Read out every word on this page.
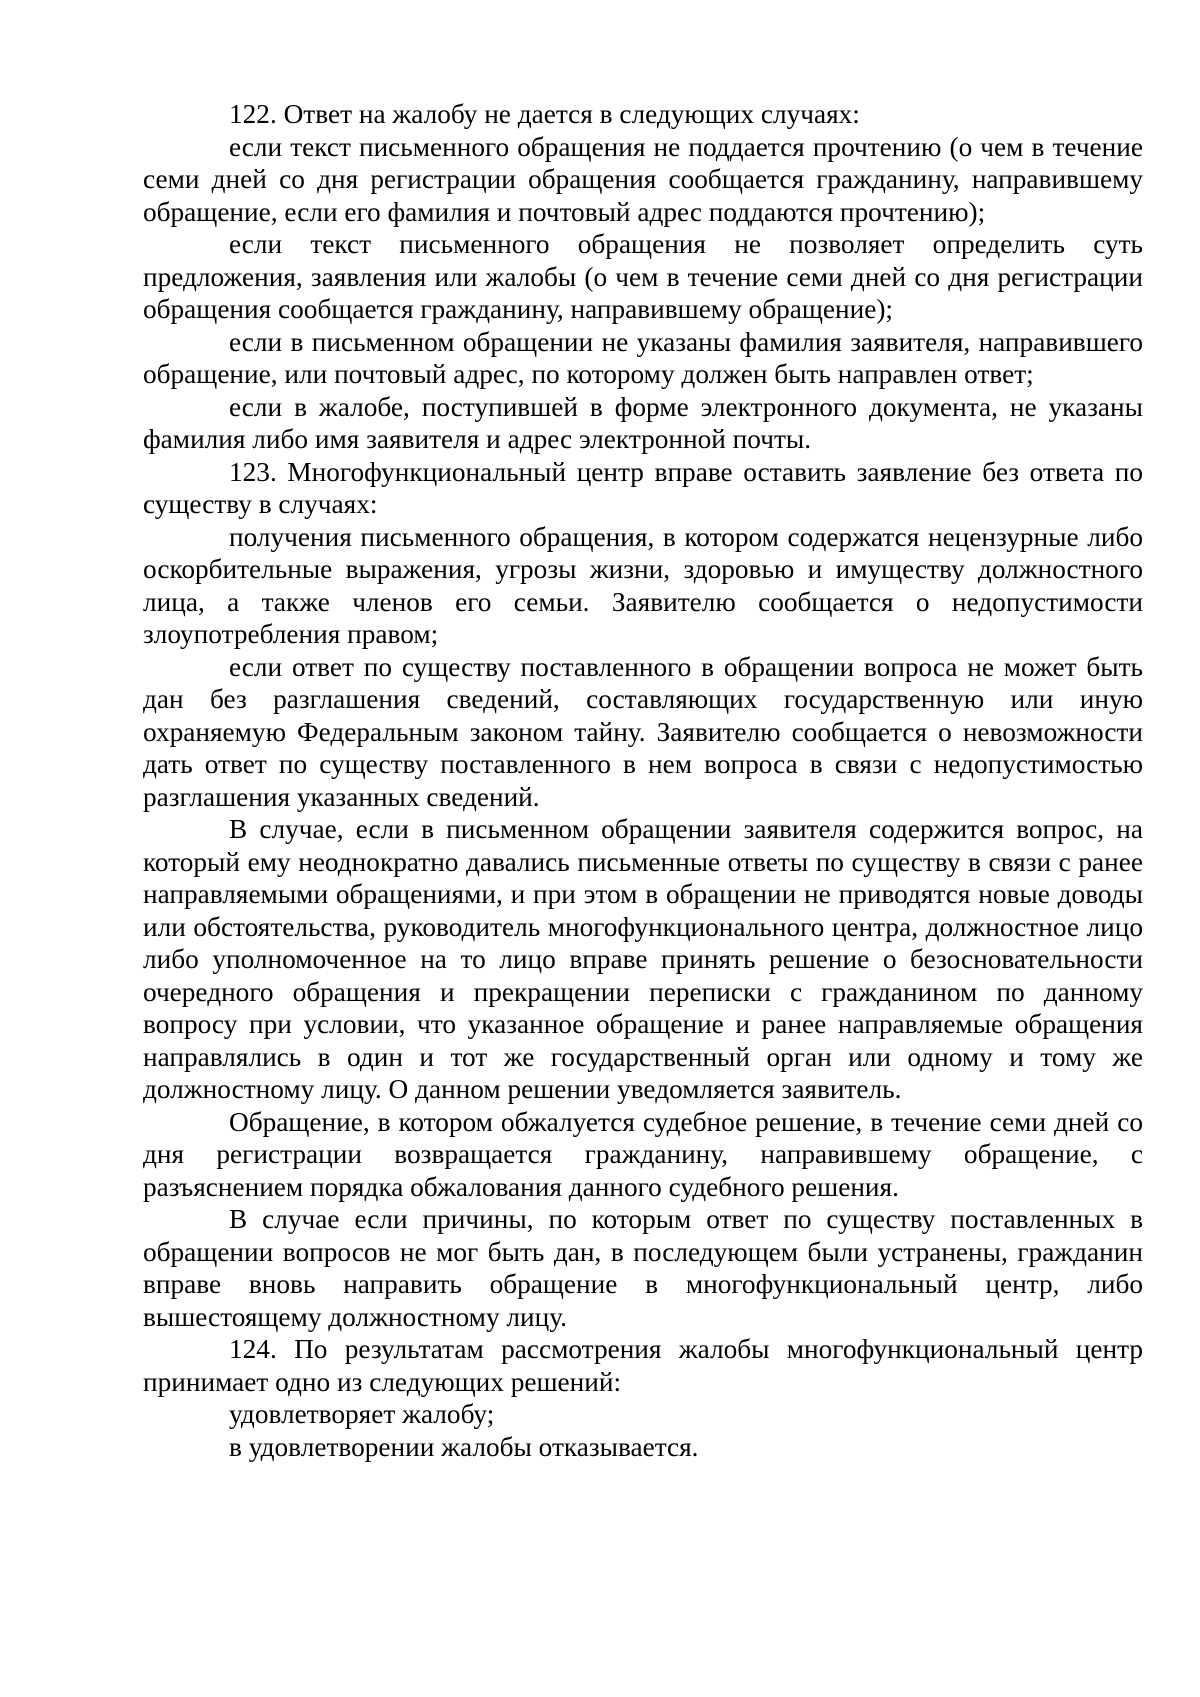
122. Ответ на жалобу не дается в следующих случаях:

если текст письменного обращения не поддается прочтению (о чем в течение семи дней со дня регистрации обращения сообщается гражданину, направившему обращение, если его фамилия и почтовый адрес поддаются прочтению);

если текст письменного обращения не позволяет определить суть предложения, заявления или жалобы (о чем в течение семи дней со дня регистрации обращения сообщается гражданину, направившему обращение);

если в письменном обращении не указаны фамилия заявителя, направившего обращение, или почтовый адрес, по которому должен быть направлен ответ;

если в жалобе, поступившей в форме электронного документа, не указаны фамилия либо имя заявителя и адрес электронной почты.

123. Многофункциональный центр вправе оставить заявление без ответа по существу в случаях:

получения письменного обращения, в котором содержатся нецензурные либо оскорбительные выражения, угрозы жизни, здоровью и имуществу должностного лица, а также членов его семьи. Заявителю сообщается о недопустимости злоупотребления правом;

если ответ по существу поставленного в обращении вопроса не может быть дан без разглашения сведений, составляющих государственную или иную охраняемую Федеральным законом тайну. Заявителю сообщается о невозможности дать ответ по существу поставленного в нем вопроса в связи с недопустимостью разглашения указанных сведений.

В случае, если в письменном обращении заявителя содержится вопрос, на который ему неоднократно давались письменные ответы по существу в связи с ранее направляемыми обращениями, и при этом в обращении не приводятся новые доводы или обстоятельства, руководитель многофункционального центра, должностное лицо либо уполномоченное на то лицо вправе принять решение о безосновательности очередного обращения и прекращении переписки с гражданином по данному вопросу при условии, что указанное обращение и ранее направляемые обращения направлялись в один и тот же государственный орган или одному и тому же должностному лицу. О данном решении уведомляется заявитель.

Обращение, в котором обжалуется судебное решение, в течение семи дней со дня регистрации возвращается гражданину, направившему обращение, с разъяснением порядка обжалования данного судебного решения.

В случае если причины, по которым ответ по существу поставленных в обращении вопросов не мог быть дан, в последующем были устранены, гражданин вправе вновь направить обращение в многофункциональный центр, либо вышестоящему должностному лицу.

124. По результатам рассмотрения жалобы многофункциональный центр принимает одно из следующих решений:

удовлетворяет жалобу;

в удовлетворении жалобы отказывается.
